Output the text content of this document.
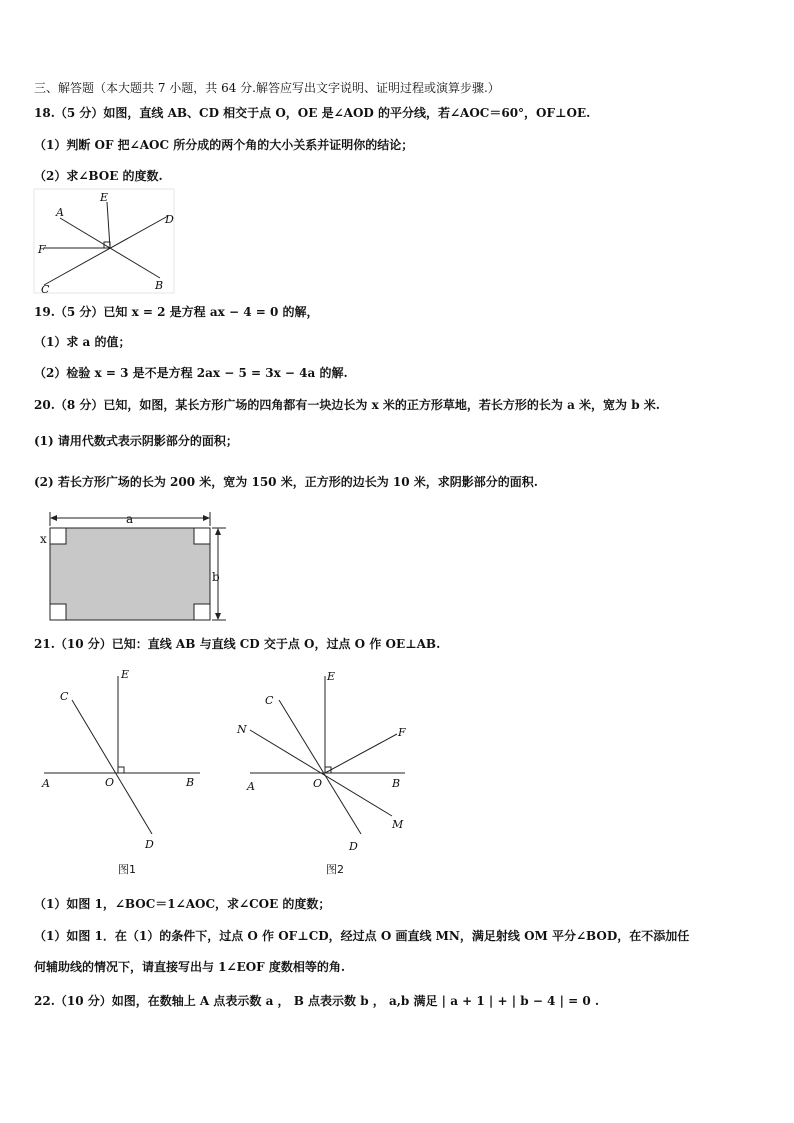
三、解答题（本大题共 7 小题，共 64 分.解答应写出文字说明、证明过程或演算步骤.）
18.（5 分）如图，直线 AB、CD 相交于点 O，OE 是∠AOD 的平分线，若∠AOC＝60°，OF⊥OE.
（1）判断 OF 把∠AOC 所分成的两个角的大小关系并证明你的结论；
（2）求∠BOE 的度数.
A
E
D
F
C	B
19.（5 分）已知 x = 2 是方程 ax − 4 = 0 的解，
（1）求 a 的值；
（2）检验 x = 3 是不是方程 2ax − 5 = 3x − 4a 的解.
20.（8 分）已知，如图，某长方形广场的四角都有一块边长为 x 米的正方形草地，若长方形的长为 a 米，宽为 b 米.
(1) 请用代数式表示阴影部分的面积；
(2) 若长方形广场的长为 200 米，宽为 150 米，正方形的边长为 10 米，求阴影部分的面积.
a
b
x
21.（10 分）已知：直线 AB 与直线 CD 交于点 O，过点 O 作 OE⊥AB.
C
E
A	O	B
D
图1
C
E
N	F
A	O	B
M
D
图2
（1）如图 1，∠BOC＝1∠AOC，求∠COE 的度数；
（1）如图 1．在（1）的条件下，过点 O 作 OF⊥CD，经过点 O 画直线 MN，满足射线 OM 平分∠BOD，在不添加任
何辅助线的情况下，请直接写出与 1∠EOF 度数相等的角.
22.（10 分）如图，在数轴上 A 点表示数 a ， B 点表示数 b ， a,b 满足 | a + 1 | + | b − 4 | = 0 .
